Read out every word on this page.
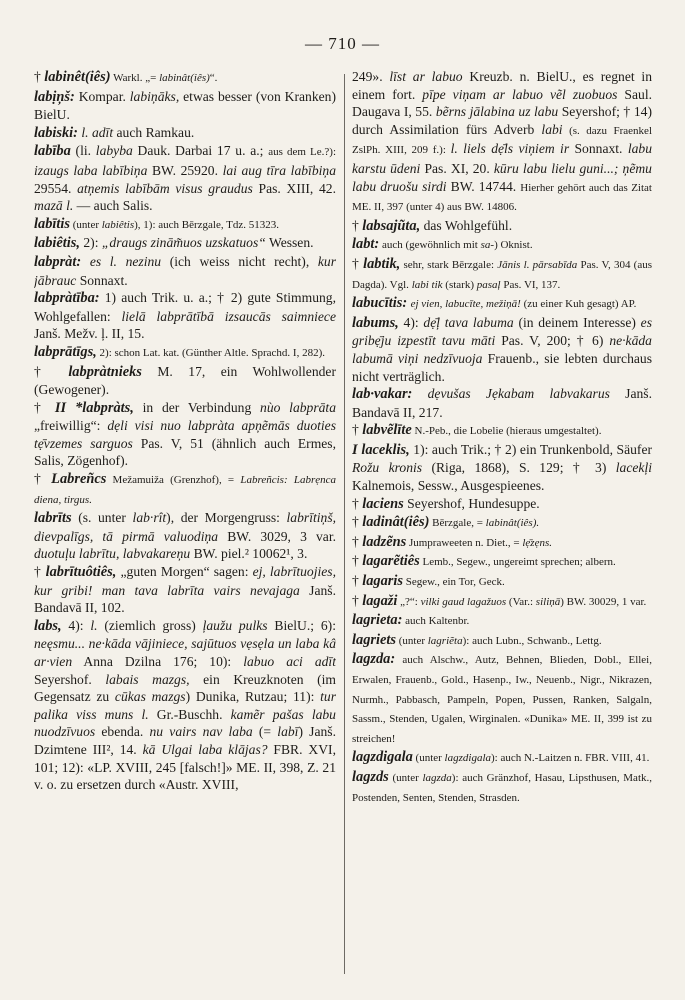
— 710 —
† labinêt(iês) Warkl. „= labinât(iês)“.
labịņš: Kompar. labiņāks, etwas besser (von Kranken) BielU.
labiski: l. adīt auch Ramkau.
labība (li. labyba Dauk. Darbai 17 u. a.; aus dem Le.?): izaugs laba labībiņa BW. 25920. lai aug tīra labībiņa 29554. atņemis labībām visus graudus Pas. XIII, 42. mazā l. — auch Salis.
labītis (unter labiêtis), 1): auch Bērzgale, Tdz. 51323.
labiêtis, 2): „draugs zinām̃uos uzskatuos“ Wessen.
labpràt: es l. nezinu (ich weiss nicht recht), kur jābrauc Sonnaxt.
labpràtība: 1) auch Trik. u. a.; † 2) gute Stimmung, Wohlgefallen: lielā labprātībā izsaucās saimniece Janš. Mežv. ļ. II, 15.
labprātīgs, 2): schon Lat. kat. (Günther Altle. Sprachd. I, 282).
† labpràtnieks M. 17, ein Wohlwollender (Gewogener).
† II *labpràts, in der Verbindung nùo labprāta „freiwillig“: dẹli visi nuo labpràta apņẽmās duoties tẹ̄vzemes sarguos Pas. V, 51 (ähnlich auch Ermes, Salis, Zögenhof).
† Labreñcs Mežamuiža (Grenzhof), = Labreñcis: Labrẹnca diena, tirgus.
labrīts (s. unter lab·rît), der Morgengruss: labrītiņš, dievpalīgs, tā pirmā valuodiņa BW. 3029, 3 var. duotuļu labrītu, labvakareņu BW. piel.² 10062¹, 3.
† labrītuôtiês, „guten Morgen“ sagen: ej, labrītuojies, kur gribi! man tava labrīta vairs nevajaga Janš. Bandavā II, 102.
labs, 4): l. (ziemlich gross) ļaužu pulks BielU.; 6): neęsmu... ne·kāda vājiniece, sajūtuos vẹsẹla un laba kâ ar·vien Anna Dzilna 176; 10): labuo aci adīt Seyershof. labais mazgs, ein Kreuzknoten (im Gegensatz zu cūkas mazgs) Dunika, Rutzau; 11): tur palika viss muns l. Gr.-Buschh. kamẽr pašas labu nuodzīvuos ebenda. nu vairs nav laba (= labī) Janš. Dzimtene III², 14. kā Ulgai laba klājas? FBR. XVI, 101; 12): «LP. XVIII, 245 [falsch!]» ME. II, 398, Z. 21 v. o. zu ersetzen durch «Austr. XVIII,
249». līst ar labuo Kreuzb. n. BielU., es regnet in einem fort. pīpe viņam ar labuo vẽl zuobuos Saul. Daugava I, 55. bẽrns jālabina uz labu Seyershof; † 14) durch Assimilation fürs Adverb labi (s. dazu Fraenkel ZslPh. XIII, 209 f.): l. liels dẹ̄ls viņiem ir Sonnaxt. labu karstu ūdeni Pas. XI, 20. kūru labu lielu guni...; ņẽmu labu druošu sirdi BW. 14744. Hierher gehört auch das Zitat ME. II, 397 (unter 4) aus BW. 14806.
† labsajũta, das Wohlgefühl.
labt: auch (gewöhnlich mit sa-) Oknist.
† labtik, sehr, stark Bērzgale: Jānis l. pārsabīda Pas. V, 304 (aus Dagda). Vgl. labi tik (stark) pasaļ Pas. VI, 137.
labucītis: ej vien, labucīte, mežiņā! (zu einer Kuh gesagt) AP.
labums, 4): dẹ̄ļ tava labuma (in deinem Interesse) es gribẹ̄ju izpestīt tavu māti Pas. V, 200; † 6) ne·kāda labumā viņi nedzīvuoja Frauenb., sie lebten durchaus nicht verträglich.
lab·vakar: dẹvušas Jẹkabam labvakarus Janš. Bandavā II, 217.
† labvẽlīte N.-Peb., die Lobelie (hieraus umgestaltet).
I laceklis, 1): auch Trik.; † 2) ein Trunkenbold, Säufer Rožu kronis (Riga, 1868), S. 129; † 3) lacekļi Kalnemois, Sessw., Ausgespieenes.
† laciens Seyershof, Hundesuppe.
† ladinât(iês) Bērzgale, = labinât(iês).
† ladzẽns Jumpraweeten n. Diet., = lẹ̄zẹns.
† lagarẽtiês Lemb., Segew., ungereimt sprechen; albern.
† lagaris Segew., ein Tor, Geck.
† lagaži „?“: vilki gaud lagažuos (Var.: siliņā) BW. 30029, 1 var.
lagrieta: auch Kaltenbr.
lagriets (unter lagriẽta): auch Lubn., Schwanb., Lettg.
lagzda: auch Alschw., Autz, Behnen, Blieden, Dobl., Ellei, Erwalen, Frauenb., Gold., Hasenp., Iw., Neuenb., Nigr., Nikrazen, Nurmh., Pabbasch, Pampeln, Popen, Pussen, Ranken, Salgaln, Sassm., Stenden, Ugalen, Wirginalen. «Dunika» ME. II, 399 ist zu streichen!
lagzdigala (unter lagzdigala): auch N.-Laitzen n. FBR. VIII, 41.
lagzds (unter lagzda): auch Gränzhof, Hasau, Lipsthusen, Matk., Postenden, Senten, Stenden, Strasden.
